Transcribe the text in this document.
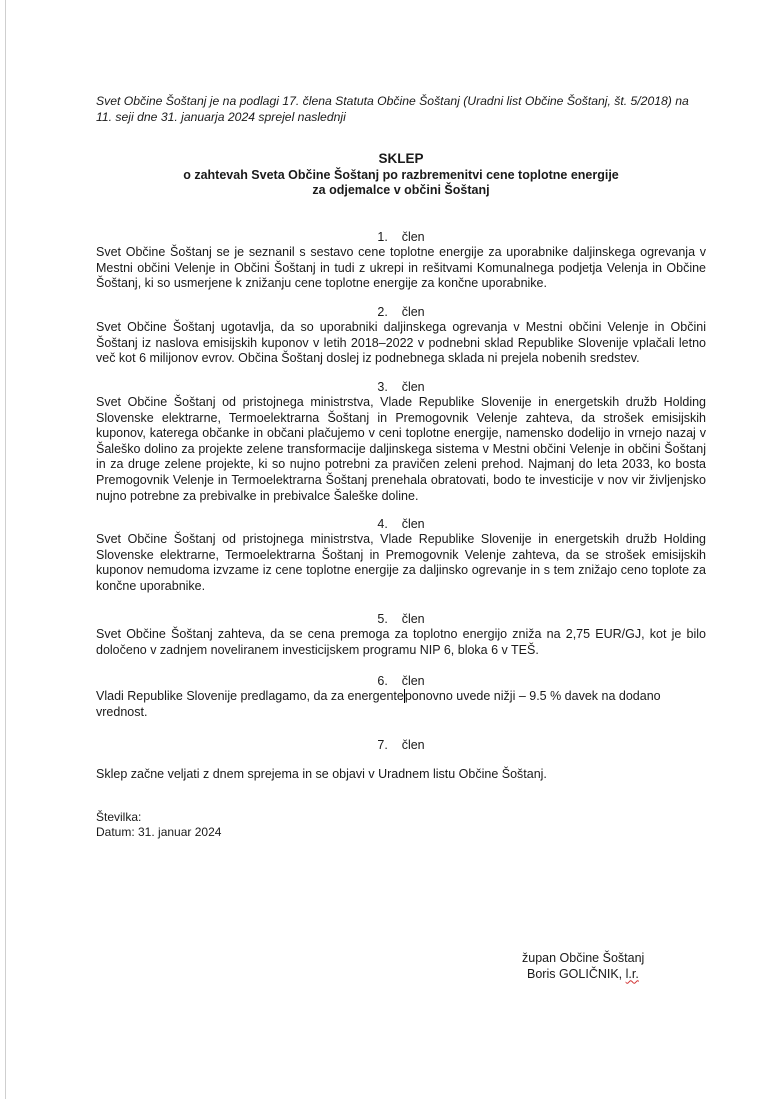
Svet Občine Šoštanj je na podlagi 17. člena Statuta Občine Šoštanj (Uradni list Občine Šoštanj, št. 5/2018) na 11. seji dne 31. januarja 2024 sprejel naslednji
SKLEP
o zahtevah Sveta Občine Šoštanj po razbremenitvi cene toplotne energije
za odjemalce v občini Šoštanj
1.    člen
Svet Občine Šoštanj se je seznanil s sestavo cene toplotne energije za uporabnike daljinskega ogrevanja v Mestni občini Velenje in Občini Šoštanj in tudi z ukrepi in rešitvami Komunalnega podjetja Velenja in Občine Šoštanj, ki so usmerjene k znižanju cene toplotne energije za končne uporabnike.
2.    člen
Svet Občine Šoštanj ugotavlja, da so uporabniki daljinskega ogrevanja v Mestni občini Velenje in Občini Šoštanj iz naslova emisijskih kuponov v letih 2018–2022 v podnebni sklad Republike Slovenije vplačali letno več kot 6 milijonov evrov. Občina Šoštanj doslej iz podnebnega sklada ni prejela nobenih sredstev.
3.    člen
Svet Občine Šoštanj od pristojnega ministrstva, Vlade Republike Slovenije in energetskih družb Holding Slovenske elektrarne, Termoelektrarna Šoštanj in Premogovnik Velenje zahteva, da strošek emisijskih kuponov, katerega občanke in občani plačujemo v ceni toplotne energije, namensko dodelijo in vrnejo nazaj v Šaleško dolino za projekte zelene transformacije daljinskega sistema v Mestni občini Velenje in občini Šoštanj in za druge zelene projekte, ki so nujno potrebni za pravičen zeleni prehod. Najmanj do leta 2033, ko bosta Premogovnik Velenje in Termoelektrarna Šoštanj prenehala obratovati, bodo te investicije v nov vir življenjsko nujno potrebne za prebivalke in prebivalce Šaleške doline.
4.    člen
Svet Občine Šoštanj od pristojnega ministrstva, Vlade Republike Slovenije in energetskih družb Holding Slovenske elektrarne, Termoelektrarna Šoštanj in Premogovnik Velenje zahteva, da se strošek emisijskih kuponov nemudoma izvzame iz cene toplotne energije za daljinsko ogrevanje in s tem znižajo ceno toplote za končne uporabnike.
5.    člen
Svet Občine Šoštanj zahteva, da se cena premoga za toplotno energijo zniža na 2,75 EUR/GJ, kot je bilo določeno v zadnjem noveliranem investicijskem programu NIP 6, bloka 6 v TEŠ.
6.    člen
Vladi Republike Slovenije predlagamo, da za energenteponovno uvede nižji – 9.5 % davek na dodano vrednost.
7.    člen
Sklep začne veljati z dnem sprejema in se objavi v Uradnem listu Občine Šoštanj.
Številka:
Datum: 31. januar 2024
župan Občine Šoštanj
Boris GOLIČNIK, l.r.
